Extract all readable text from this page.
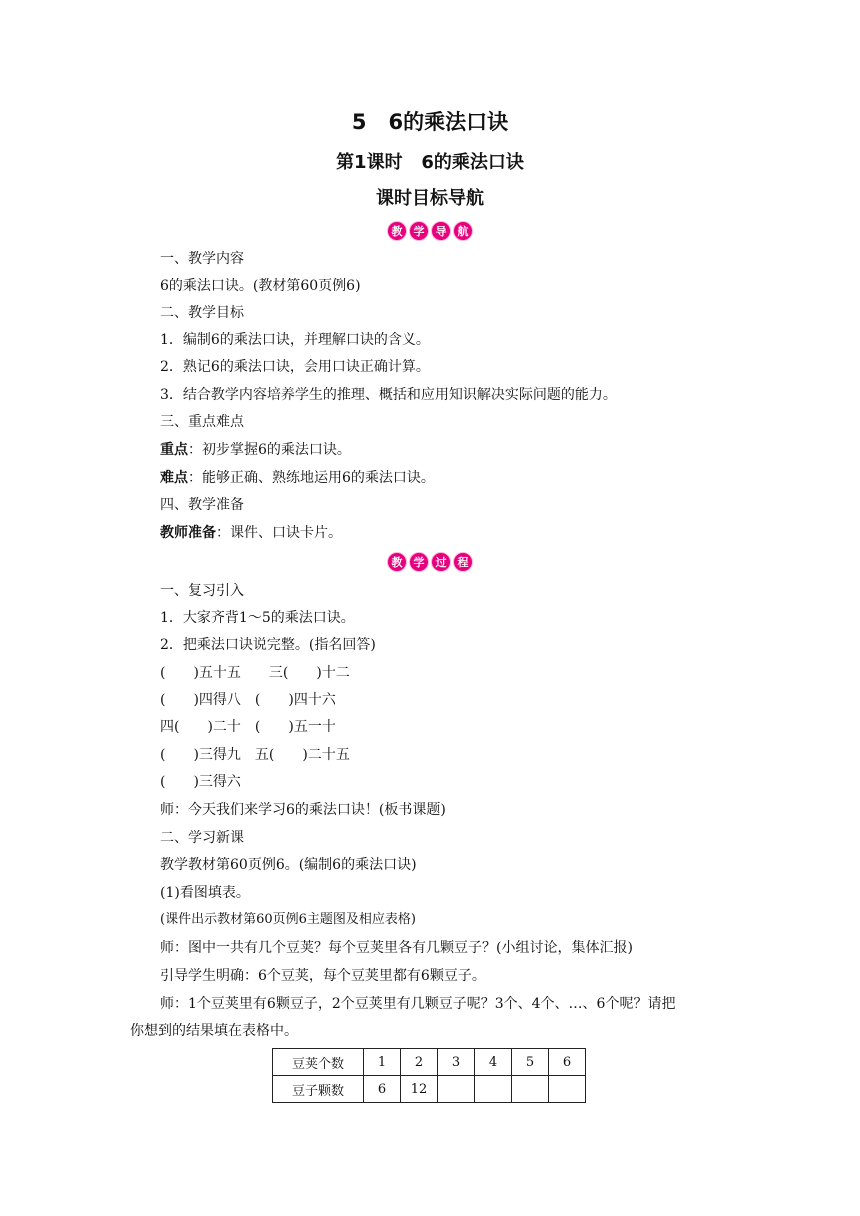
5   6的乘法口诀
第1课时   6的乘法口诀
课时目标导航
教	学	导	航
一、教学内容
6的乘法口诀。(教材第60页例6)
二、教学目标
1．编制6的乘法口诀，并理解口诀的含义。
2．熟记6的乘法口诀，会用口诀正确计算。
3．结合教学内容培养学生的推理、概括和应用知识解决实际问题的能力。
三、重点难点
重点：初步掌握6的乘法口诀。
难点：能够正确、熟练地运用6的乘法口诀。
四、教学准备
教师准备：课件、口诀卡片。
教	学	过	程
一、复习引入
1．大家齐背1～5的乘法口诀。
2．把乘法口诀说完整。(指名回答)
(　　)五十五　　三(　　)十二
(　　)四得八　(　　)四十六
四(　　)二十　(　　)五一十
(　　)三得九　五(　　)二十五
(　　)三得六
师：今天我们来学习6的乘法口诀！(板书课题)
二、学习新课
教学教材第60页例6。(编制6的乘法口诀)
(1)看图填表。
(课件出示教材第60页例6主题图及相应表格)
师：图中一共有几个豆荚？每个豆荚里各有几颗豆子？(小组讨论，集体汇报)
引导学生明确：6个豆荚，每个豆荚里都有6颗豆子。
师：1个豆荚里有6颗豆子，2个豆荚里有几颗豆子呢？3个、4个、…、6个呢？请把
你想到的结果填在表格中。
豆荚个数	1	2	3	4	5	6
豆子颗数	6	12				
